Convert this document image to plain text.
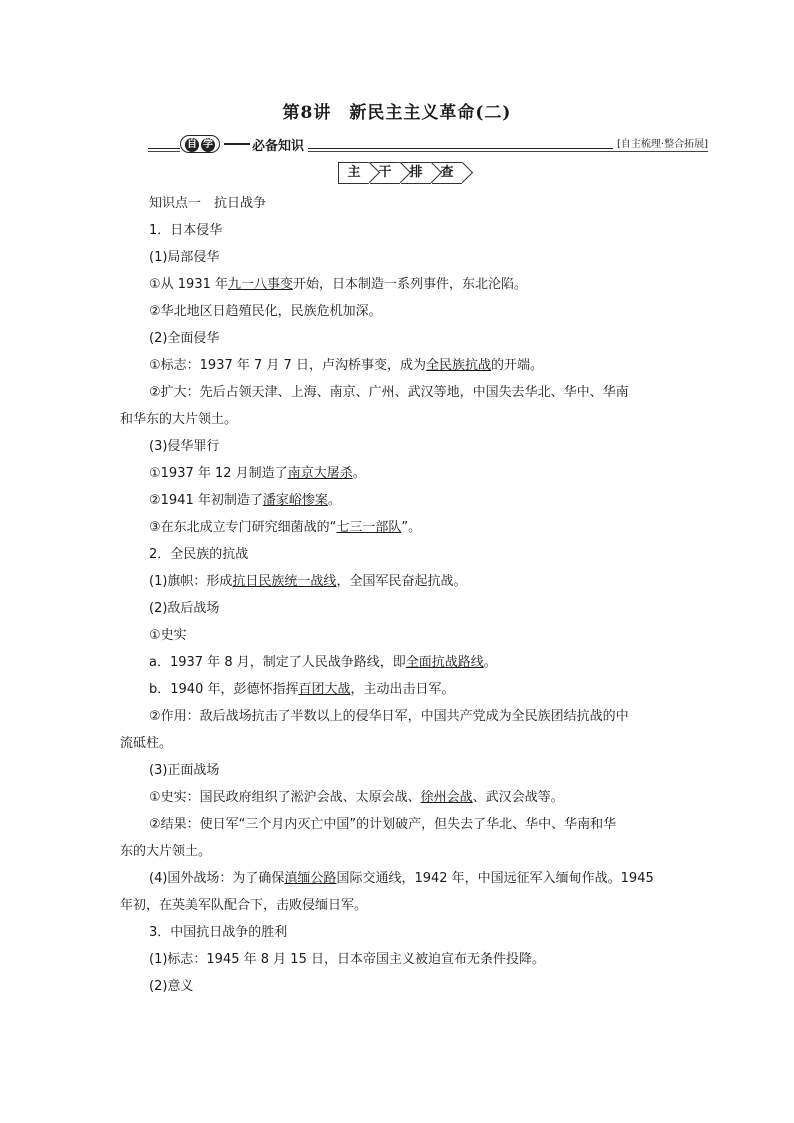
第8讲　新民主主义革命(二)
自 学	必备知识	[自主梳理·整合拓展]
主	干	排	查

知识点一　抗日战争

1．日本侵华

(1)局部侵华

①从 1931 年九一八事变开始，日本制造一系列事件，东北沦陷。

②华北地区日趋殖民化，民族危机加深。

(2)全面侵华

①标志：1937 年 7 月 7 日，卢沟桥事变，成为全民族抗战的开端。

②扩大：先后占领天津、上海、南京、广州、武汉等地，中国失去华北、华中、华南

和华东的大片领土。

(3)侵华罪行

①1937 年 12 月制造了南京大屠杀。

②1941 年初制造了潘家峪惨案。

③在东北成立专门研究细菌战的“七三一部队”。

2．全民族的抗战

(1)旗帜：形成抗日民族统一战线，全国军民奋起抗战。

(2)敌后战场

①史实

a．1937 年 8 月，制定了人民战争路线，即全面抗战路线。

b．1940 年，彭德怀指挥百团大战，主动出击日军。

②作用：敌后战场抗击了半数以上的侵华日军，中国共产党成为全民族团结抗战的中

流砥柱。

(3)正面战场

①史实：国民政府组织了淞沪会战、太原会战、徐州会战、武汉会战等。

②结果：使日军“三个月内灭亡中国”的计划破产，但失去了华北、华中、华南和华

东的大片领土。

(4)国外战场：为了确保滇缅公路国际交通线，1942 年，中国远征军入缅甸作战。1945

年初，在英美军队配合下，击败侵缅日军。

3．中国抗日战争的胜利

(1)标志：1945 年 8 月 15 日，日本帝国主义被迫宣布无条件投降。

(2)意义
